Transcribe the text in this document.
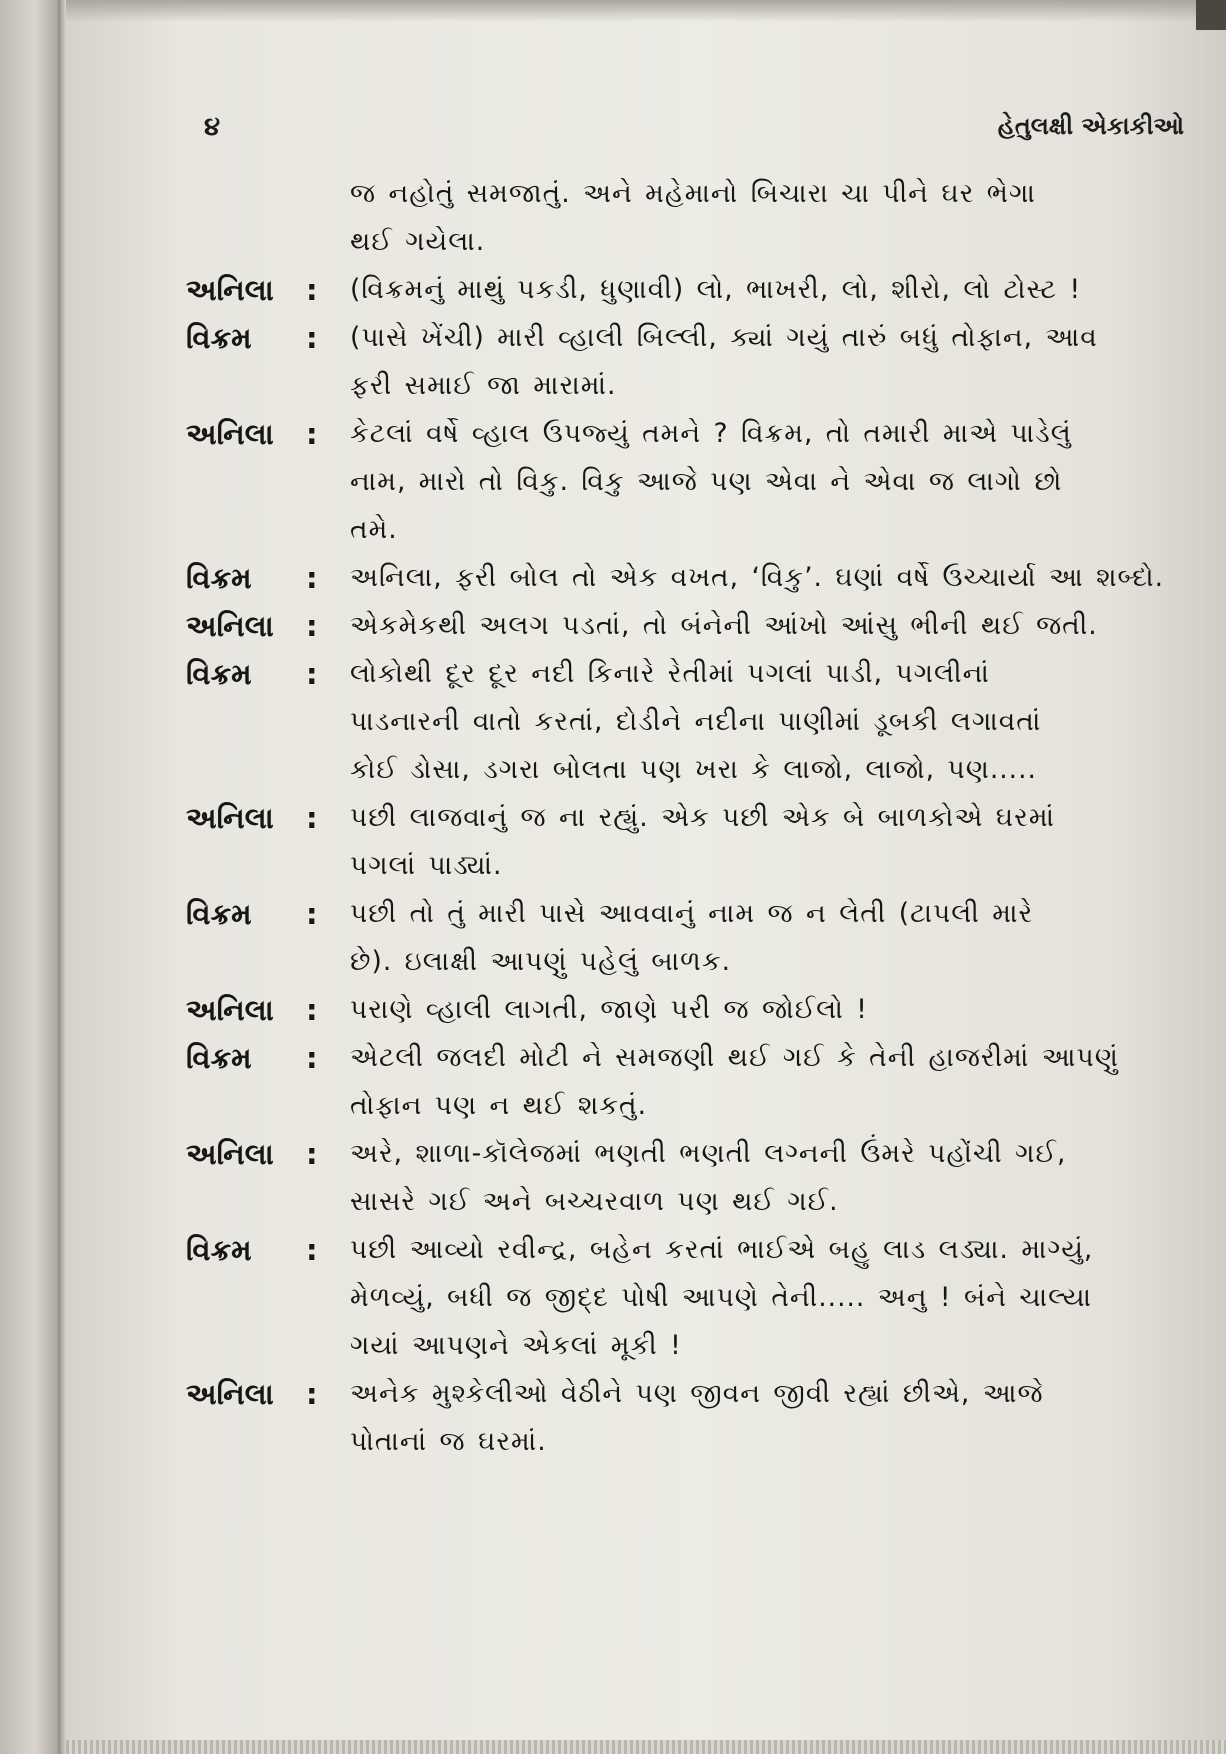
૪	હેતુલક્ષી એકાકીઓ
જ નહોતું સમજાતું. અને મહેમાનો બિચારા ચા પીને ઘર ભેગા
થઈ ગયેલા.
અનિલા : (વિક્રમનું માથું પકડી, ધુણાવી) લો, ભાખરી, લો, શીરો, લો ટોસ્ટ !
વિક્રમ : (પાસે ખેંચી) મારી વ્હાલી બિલ્લી, ક્યાં ગયું તારું બધું તોફાન, આવ
ફરી સમાઈ જા મારામાં.
અનિલા : કેટલાં વર્ષે વ્હાલ ઉપજ્યું તમને ? વિક્રમ, તો તમારી માએ પાડેલું
નામ, મારો તો વિકુ. વિકુ આજે પણ એવા ને એવા જ લાગો છો
તમે.
વિક્રમ : અનિલા, ફરી બોલ તો એક વખત, ‘વિકુ’. ઘણાં વર્ષે ઉચ્ચાર્યા આ શબ્દો.
અનિલા : એકમેકથી અલગ પડતાં, તો બંનેની આંખો આંસુ ભીની થઈ જતી.
વિક્રમ : લોકોથી દૂર દૂર નદી કિનારે રેતીમાં પગલાં પાડી, પગલીનાં
પાડનારની વાતો કરતાં, દોડીને નદીના પાણીમાં ડૂબકી લગાવતાં
કોઈ ડોસા, ડગરા બોલતા પણ ખરા કે લાજો, લાજો, પણ.....
અનિલા : પછી લાજવાનું જ ના રહ્યું. એક પછી એક બે બાળકોએ ઘરમાં
પગલાં પાડ્યાં.
વિક્રમ : પછી તો તું મારી પાસે આવવાનું નામ જ ન લેતી (ટાપલી મારે
છે). ઇલાક્ષી આપણું પહેલું બાળક.
અનિલા : પરાણે વ્હાલી લાગતી, જાણે પરી જ જોઈલો !
વિક્રમ : એટલી જલદી મોટી ને સમજણી થઈ ગઈ કે તેની હાજરીમાં આપણું
તોફાન પણ ન થઈ શકતું.
અનિલા : અરે, શાળા-કૉલેજમાં ભણતી ભણતી લગ્નની ઉંમરે પહોંચી ગઈ,
સાસરે ગઈ અને બચ્ચરવાળ પણ થઈ ગઈ.
વિક્રમ : પછી આવ્યો રવીન્દ્ર, બહેન કરતાં ભાઈએ બહુ લાડ લડ્યા. માગ્યું,
મેળવ્યું, બધી જ જીદ્દ પોષી આપણે તેની..... અનુ ! બંને ચાલ્યા
ગયાં આપણને એકલાં મૂકી !
અનિલા : અનેક મુશ્કેલીઓ વેઠીને પણ જીવન જીવી રહ્યાં છીએ, આજે
પોતાનાં જ ઘરમાં.
